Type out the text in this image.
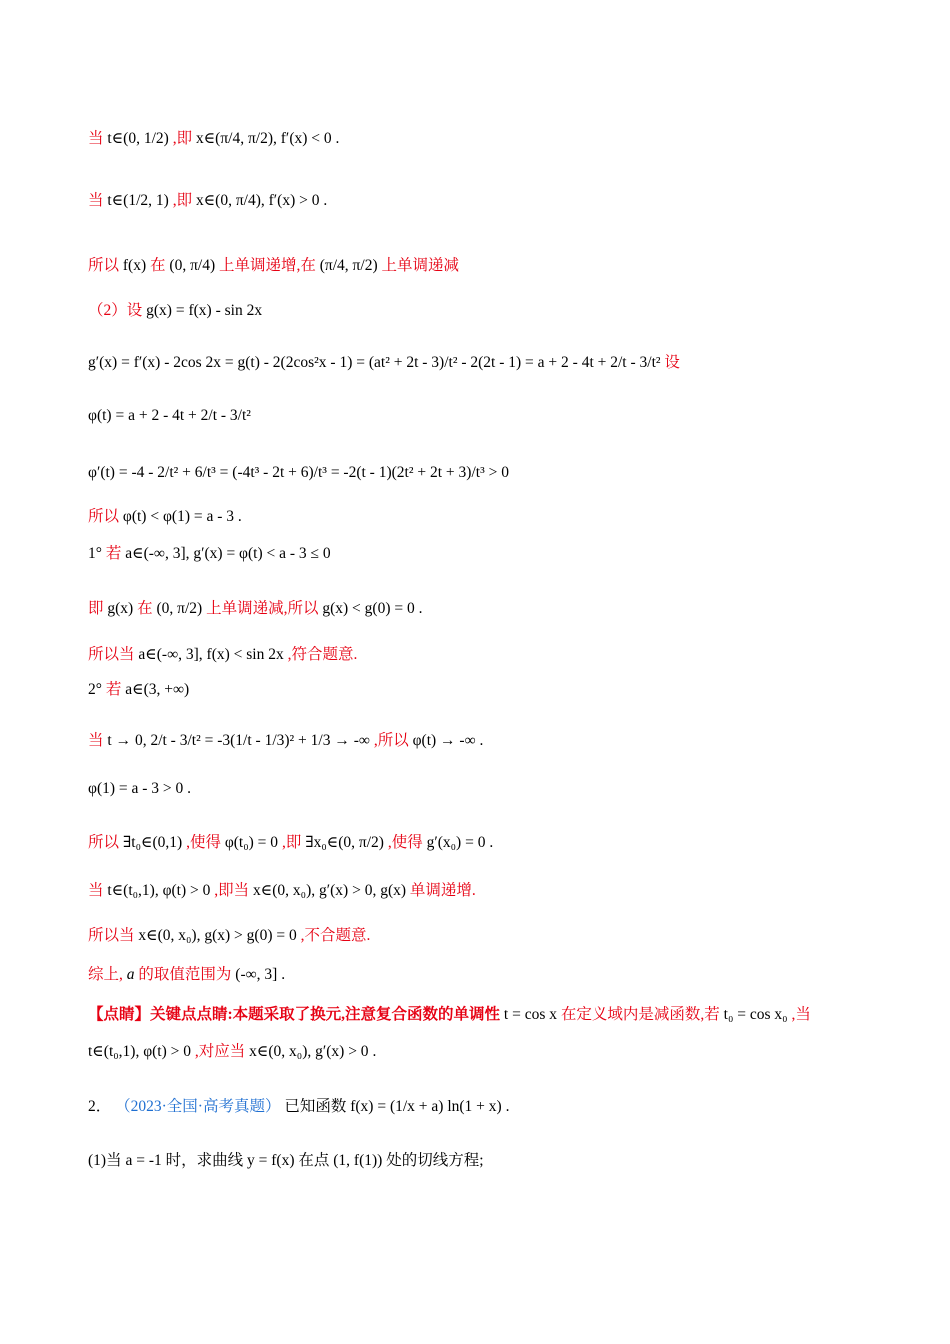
当 t∈(0, 1/2) ,即 x∈(π/4, π/2), f′(x) < 0 .
当 t∈(1/2, 1) ,即 x∈(0, π/4), f′(x) > 0 .
所以 f(x) 在 (0, π/4) 上单调递增,在 (π/4, π/2) 上单调递减
（2）设 g(x) = f(x) - sin 2x
g′(x) = f′(x) - 2cos 2x = g(t) - 2(2cos²x - 1) = (at² + 2t - 3)/t² - 2(2t - 1) = a + 2 - 4t + 2/t - 3/t² 设
φ(t) = a + 2 - 4t + 2/t - 3/t²
φ′(t) = -4 - 2/t² + 6/t³ = (-4t³ - 2t + 6)/t³ = -2(t - 1)(2t² + 2t + 3)/t³ > 0
所以 φ(t) < φ(1) = a - 3 .
1° 若 a∈(-∞, 3], g′(x) = φ(t) < a - 3 ≤ 0
即 g(x) 在 (0, π/2) 上单调递减,所以 g(x) < g(0) = 0 .
所以当 a∈(-∞, 3], f(x) < sin 2x ,符合题意.
2° 若 a∈(3, +∞)
当 t → 0, 2/t - 3/t² = -3(1/t - 1/3)² + 1/3 → -∞ ,所以 φ(t) → -∞ .
φ(1) = a - 3 > 0 .
所以 ∃t₀∈(0,1) ,使得 φ(t₀) = 0 ,即 ∃x₀∈(0, π/2) ,使得 g′(x₀) = 0 .
当 t∈(t₀,1), φ(t) > 0 ,即当 x∈(0, x₀), g′(x) > 0, g(x) 单调递增.
所以当 x∈(0, x₀), g(x) > g(0) = 0 ,不合题意.
综上, a 的取值范围为 (-∞, 3] .
【点睛】关键点点睛:本题采取了换元,注意复合函数的单调性 t = cos x 在定义域内是减函数,若 t₀ = cos x₀ ,当
t∈(t₀,1), φ(t) > 0 ,对应当 x∈(0, x₀), g′(x) > 0 .
2． （2023·全国·高考真题） 已知函数 f(x) = (1/x + a) ln(1 + x) .
(1)当 a = -1 时，求曲线 y = f(x) 在点 (1, f(1)) 处的切线方程;
